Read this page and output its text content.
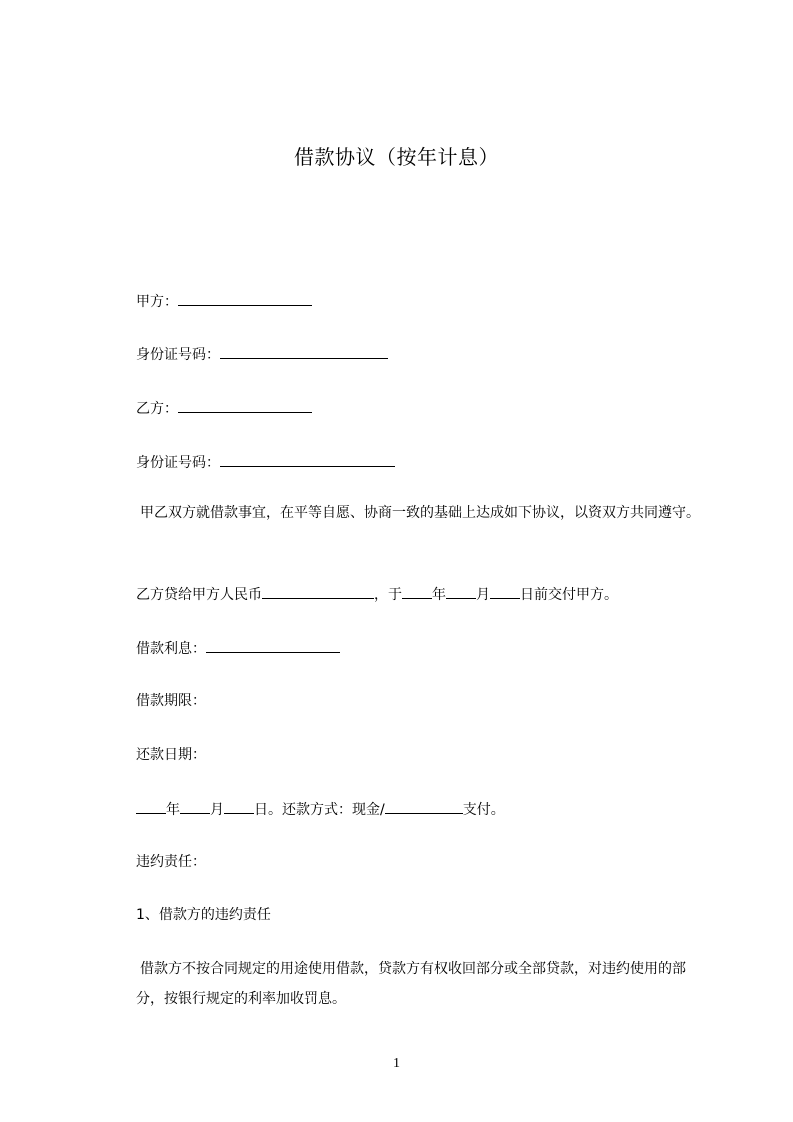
借款协议（按年计息）
甲方：
身份证号码：
乙方：
身份证号码：

甲乙双方就借款事宜，在平等自愿、协商一致的基础上达成如下协议，以资双方共同遵守。

乙方贷给甲方人民币	，于 年 月 日前交付甲方。
借款利息：
借款期限：
还款日期：
年 月 日。还款方式：现金/	支付。
违约责任：
1、借款方的违约责任

借款方不按合同规定的用途使用借款，贷款方有权收回部分或全部贷款，对违约使用的部分，按银行规定的利率加收罚息。

1
